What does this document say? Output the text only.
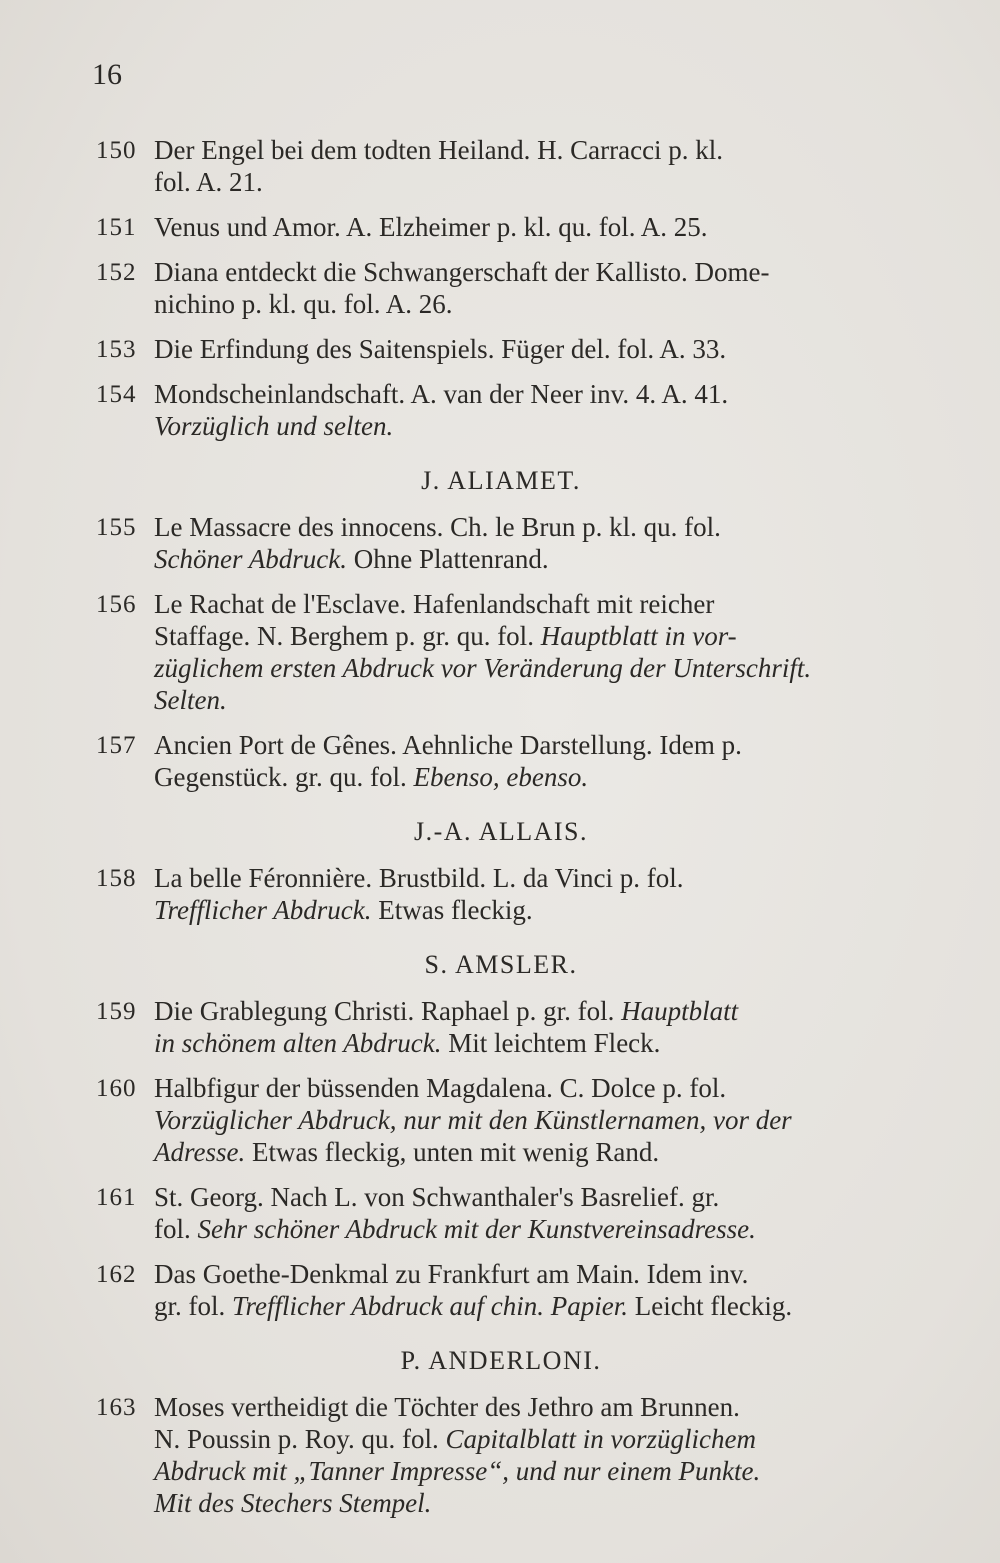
16
150 Der Engel bei dem todten Heiland. H. Carracci p. kl.
fol. A. 21.
151 Venus und Amor. A. Elzheimer p. kl. qu. fol. A. 25.
152 Diana entdeckt die Schwangerschaft der Kallisto. Dome-
nichino p. kl. qu. fol. A. 26.
153 Die Erfindung des Saitenspiels. Füger del. fol. A. 33.
154 Mondscheinlandschaft. A. van der Neer inv. 4. A. 41.
Vorzüglich und selten.
J. ALIAMET.
155 Le Massacre des innocens. Ch. le Brun p. kl. qu. fol.
Schöner Abdruck. Ohne Plattenrand.
156 Le Rachat de l'Esclave. Hafenlandschaft mit reicher
Staffage. N. Berghem p. gr. qu. fol. Hauptblatt in vor-
züglichem ersten Abdruck vor Veränderung der Unterschrift.
Selten.
157 Ancien Port de Gênes. Aehnliche Darstellung. Idem p.
Gegenstück. gr. qu. fol. Ebenso, ebenso.
J.-A. ALLAIS.
158 La belle Féronnière. Brustbild. L. da Vinci p. fol.
Trefflicher Abdruck. Etwas fleckig.
S. AMSLER.
159 Die Grablegung Christi. Raphael p. gr. fol. Hauptblatt
in schönem alten Abdruck. Mit leichtem Fleck.
160 Halbfigur der büssenden Magdalena. C. Dolce p. fol.
Vorzüglicher Abdruck, nur mit den Künstlernamen, vor der
Adresse. Etwas fleckig, unten mit wenig Rand.
161 St. Georg. Nach L. von Schwanthaler's Basrelief. gr.
fol. Sehr schöner Abdruck mit der Kunstvereinsadresse.
162 Das Goethe-Denkmal zu Frankfurt am Main. Idem inv.
gr. fol. Trefflicher Abdruck auf chin. Papier. Leicht fleckig.
P. ANDERLONI.
163 Moses vertheidigt die Töchter des Jethro am Brunnen.
N. Poussin p. Roy. qu. fol. Capitalblatt in vorzüglichem
Abdruck mit „Tanner Impresse“, und nur einem Punkte.
Mit des Stechers Stempel.
